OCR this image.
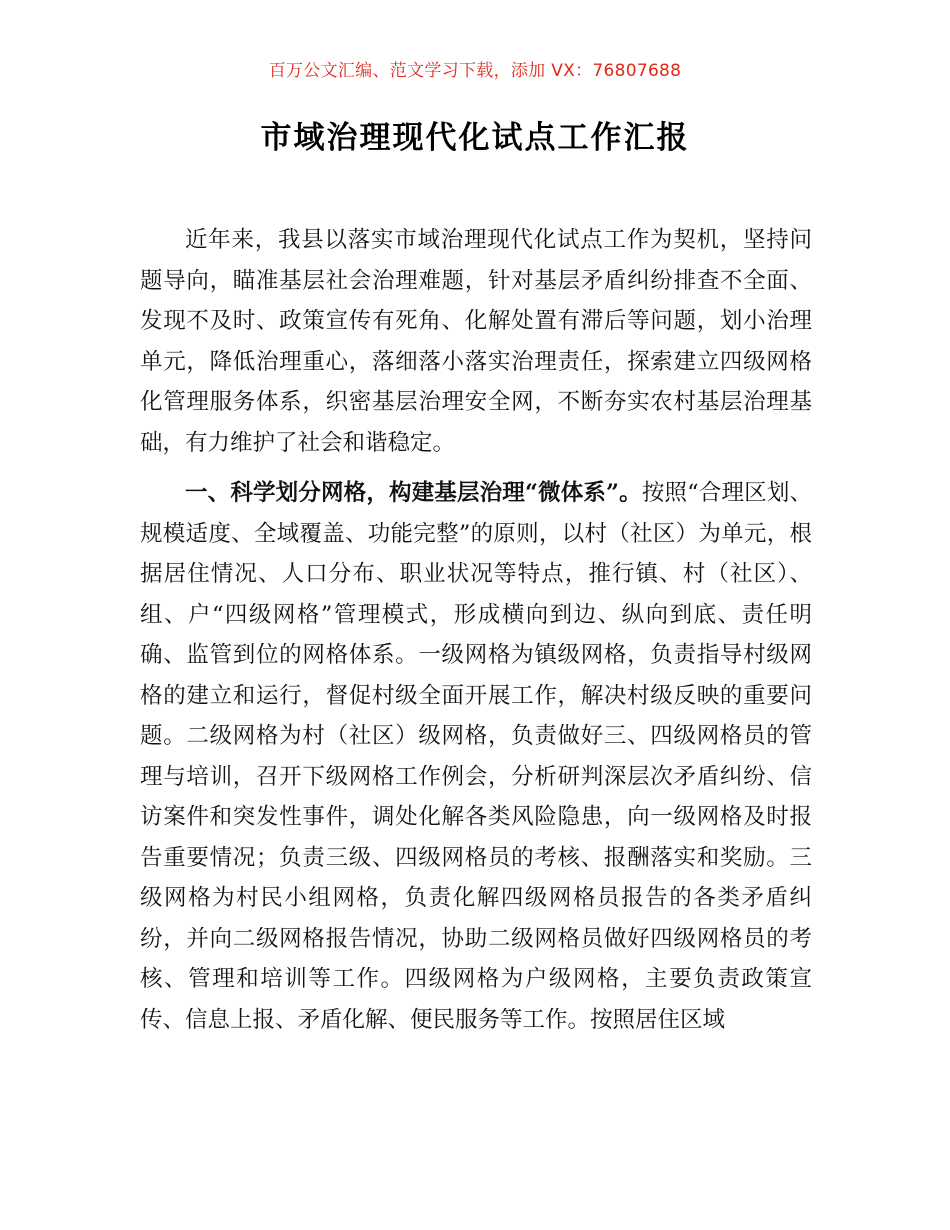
百万公文汇编、范文学习下载，添加 VX：76807688
市域治理现代化试点工作汇报

近年来，我县以落实市域治理现代化试点工作为契机，坚持问题导向，瞄准基层社会治理难题，针对基层矛盾纠纷排查不全面、发现不及时、政策宣传有死角、化解处置有滞后等问题，划小治理单元，降低治理重心，落细落小落实治理责任，探索建立四级网格化管理服务体系，织密基层治理安全网，不断夯实农村基层治理基础，有力维护了社会和谐稳定。

一、科学划分网格，构建基层治理“微体系”。按照“合理区划、规模适度、全域覆盖、功能完整”的原则，以村（社区）为单元，根据居住情况、人口分布、职业状况等特点，推行镇、村（社区）、组、户“四级网格”管理模式，形成横向到边、纵向到底、责任明确、监管到位的网格体系。一级网格为镇级网格，负责指导村级网格的建立和运行，督促村级全面开展工作，解决村级反映的重要问题。二级网格为村（社区）级网格，负责做好三、四级网格员的管理与培训，召开下级网格工作例会，分析研判深层次矛盾纠纷、信访案件和突发性事件，调处化解各类风险隐患，向一级网格及时报告重要情况；负责三级、四级网格员的考核、报酬落实和奖励。三级网格为村民小组网格，负责化解四级网格员报告的各类矛盾纠纷，并向二级网格报告情况，协助二级网格员做好四级网格员的考核、管理和培训等工作。四级网格为户级网格，主要负责政策宣传、信息上报、矛盾化解、便民服务等工作。按照居住区域
